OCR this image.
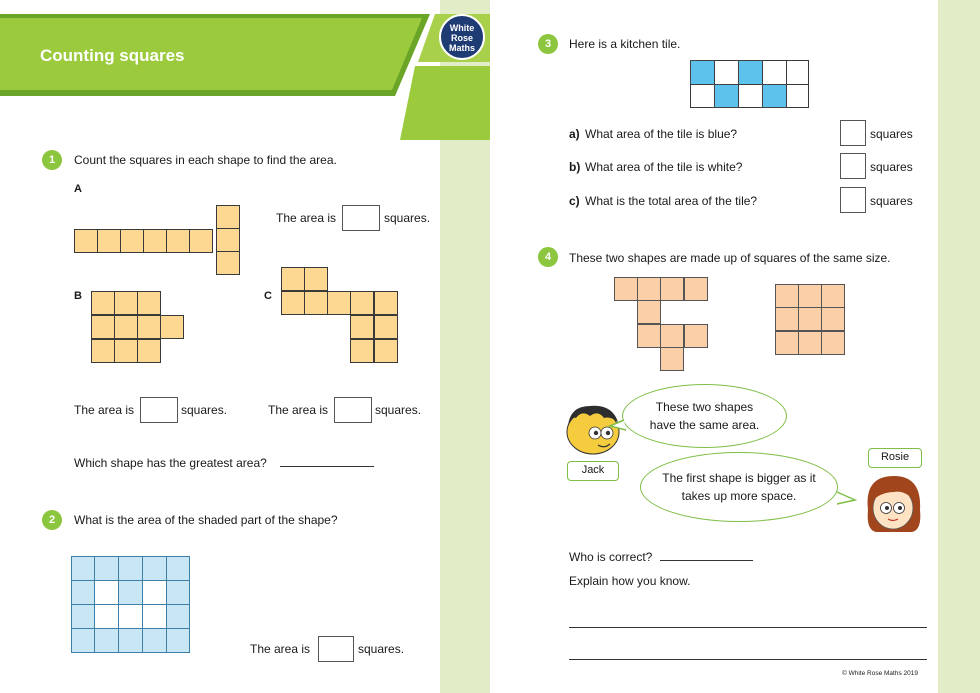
Counting squares
White
Rose
Maths
1	Count the squares in each shape to find the area.
A
The area is	squares.
B	C
The area is	squares.	The area is	squares.
Which shape has the greatest area?
2	What is the area of the shaded part of the shape?
The area is	squares.
3	Here is a kitchen tile.
a) What area of the tile is blue?	squares
b) What area of the tile is white?	squares
c) What is the total area of the tile?	squares
4	These two shapes are made up of squares of the same size.
Jack
These two shapes
have the same area.
The first shape is bigger as it
takes up more space.
Rosie
Who is correct?
Explain how you know.
© White Rose Maths 2019
